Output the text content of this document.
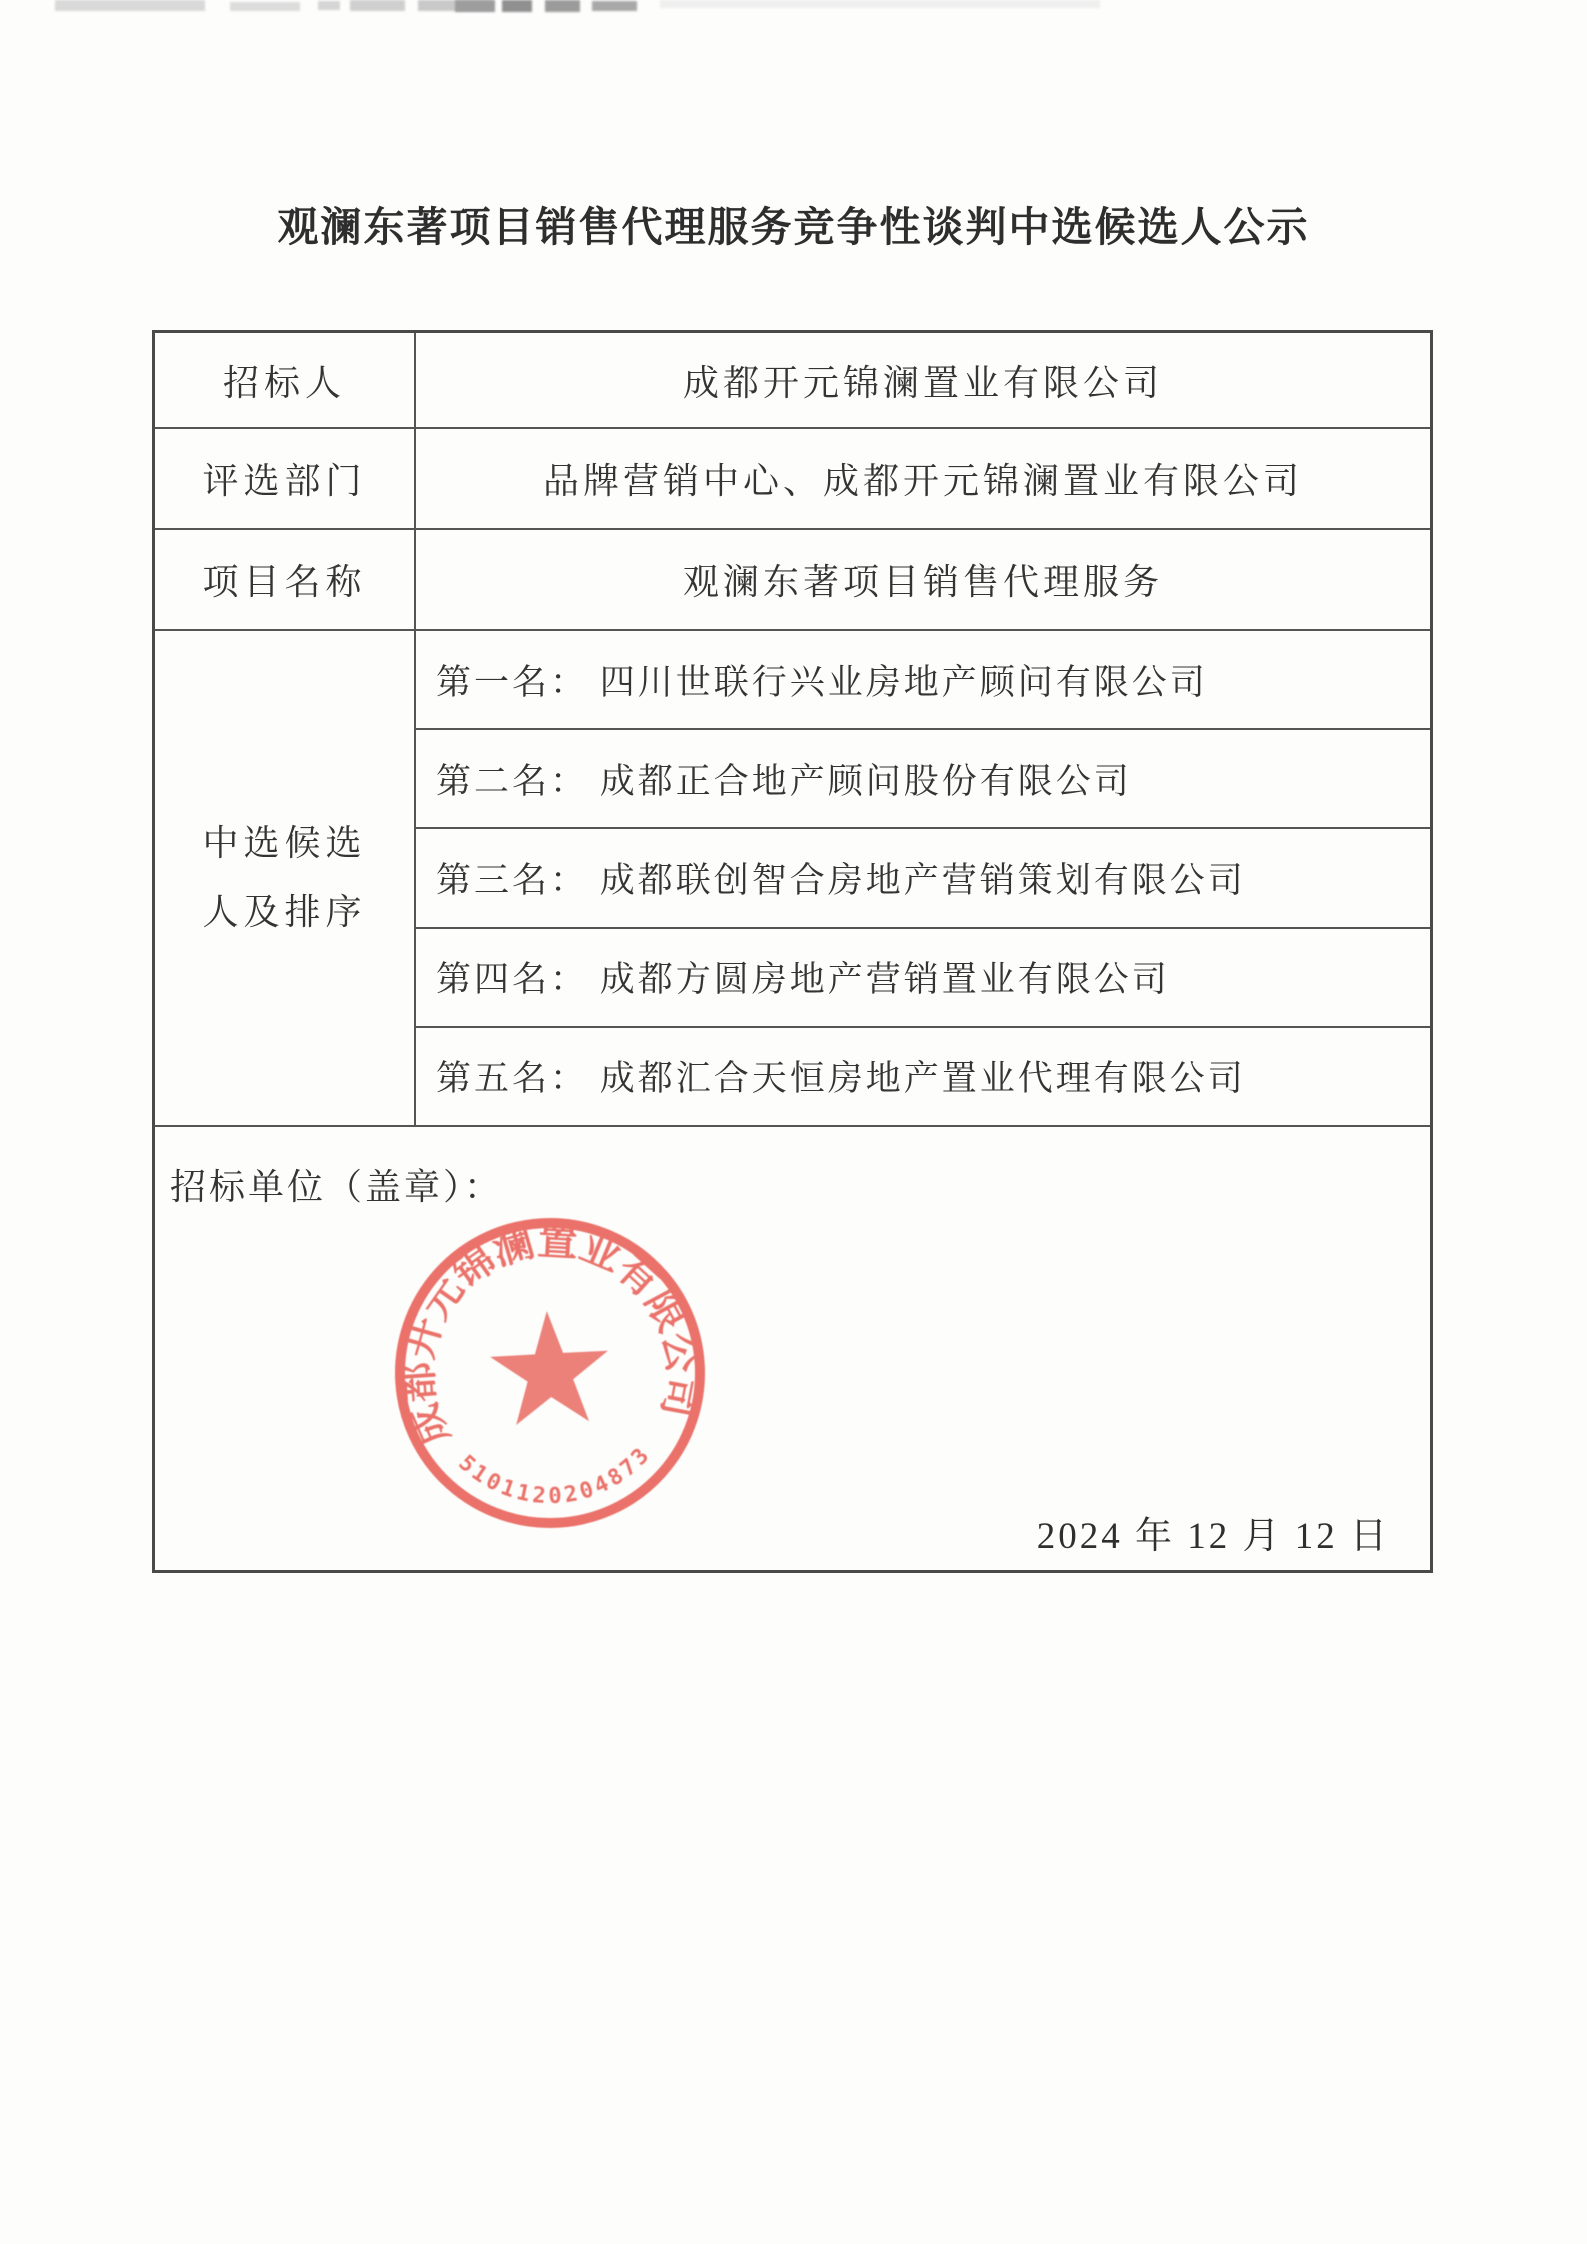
观澜东著项目销售代理服务竞争性谈判中选候选人公示
招标人	成都开元锦澜置业有限公司
评选部门	品牌营销中心、成都开元锦澜置业有限公司
项目名称	观澜东著项目销售代理服务
中选候选
人及排序
第一名： 四川世联行兴业房地产顾问有限公司
第二名： 成都正合地产顾问股份有限公司
第三名： 成都联创智合房地产营销策划有限公司
第四名： 成都方圆房地产营销置业有限公司
第五名： 成都汇合天恒房地产置业代理有限公司
招标单位（盖章）：
成都开元锦澜置业有限公司
5101120204873
2024 年 12 月 12 日
